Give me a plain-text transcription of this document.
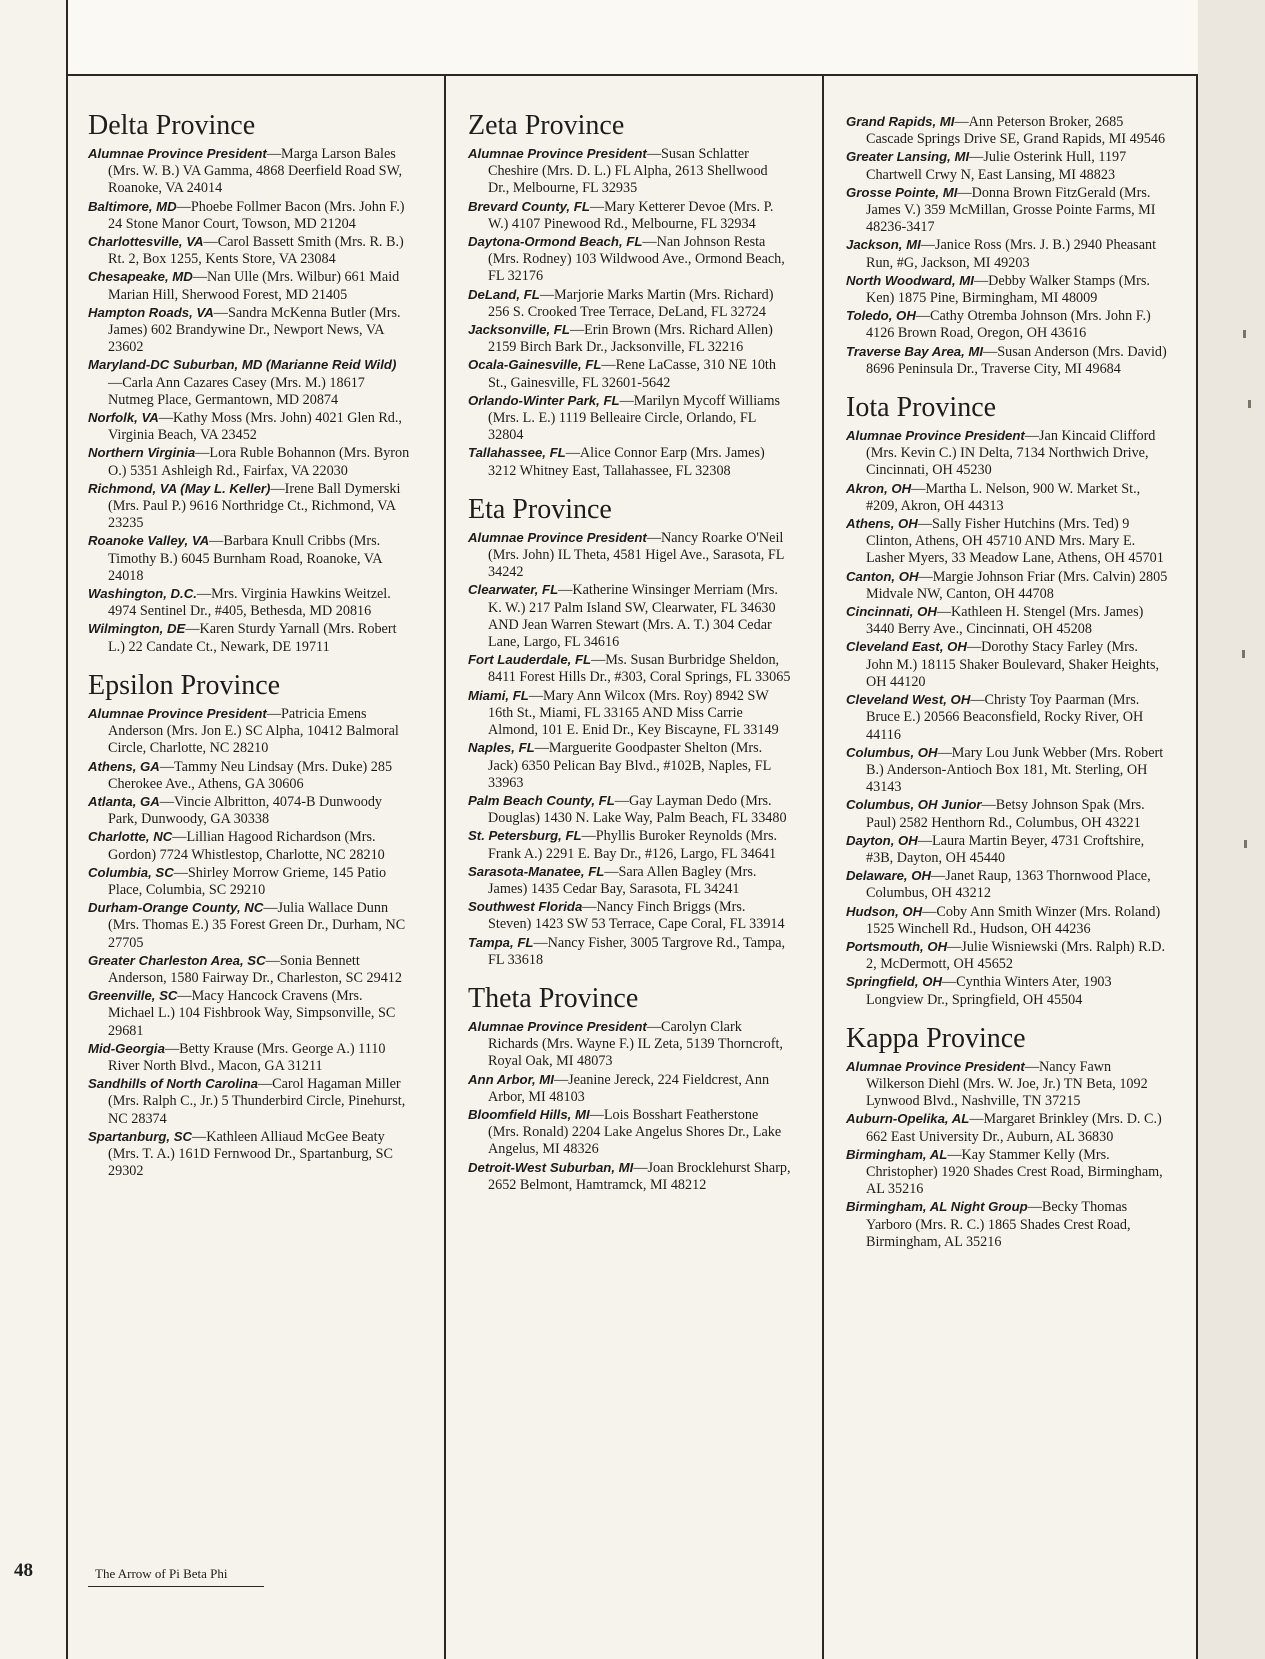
Delta Province

Alumnae Province President—Marga Larson Bales (Mrs. W. B.) VA Gamma, 4868 Deerfield Road SW, Roanoke, VA 24014

Baltimore, MD—Phoebe Follmer Bacon (Mrs. John F.) 24 Stone Manor Court, Towson, MD 21204

Charlottesville, VA—Carol Bassett Smith (Mrs. R. B.) Rt. 2, Box 1255, Kents Store, VA 23084

Chesapeake, MD—Nan Ulle (Mrs. Wilbur) 661 Maid Marian Hill, Sherwood Forest, MD 21405

Hampton Roads, VA—Sandra McKenna Butler (Mrs. James) 602 Brandywine Dr., Newport News, VA 23602

Maryland-DC Suburban, MD (Marianne Reid Wild)—Carla Ann Cazares Casey (Mrs. M.) 18617 Nutmeg Place, Germantown, MD 20874

Norfolk, VA—Kathy Moss (Mrs. John) 4021 Glen Rd., Virginia Beach, VA 23452

Northern Virginia—Lora Ruble Bohannon (Mrs. Byron O.) 5351 Ashleigh Rd., Fairfax, VA 22030

Richmond, VA (May L. Keller)—Irene Ball Dymerski (Mrs. Paul P.) 9616 Northridge Ct., Richmond, VA 23235

Roanoke Valley, VA—Barbara Knull Cribbs (Mrs. Timothy B.) 6045 Burnham Road, Roanoke, VA 24018

Washington, D.C.—Mrs. Virginia Hawkins Weitzel. 4974 Sentinel Dr., #405, Bethesda, MD 20816

Wilmington, DE—Karen Sturdy Yarnall (Mrs. Robert L.) 22 Candate Ct., Newark, DE 19711

Epsilon Province

Alumnae Province President—Patricia Emens Anderson (Mrs. Jon E.) SC Alpha, 10412 Balmoral Circle, Charlotte, NC 28210

Athens, GA—Tammy Neu Lindsay (Mrs. Duke) 285 Cherokee Ave., Athens, GA 30606

Atlanta, GA—Vincie Albritton, 4074-B Dunwoody Park, Dunwoody, GA 30338

Charlotte, NC—Lillian Hagood Richardson (Mrs. Gordon) 7724 Whistlestop, Charlotte, NC 28210

Columbia, SC—Shirley Morrow Grieme, 145 Patio Place, Columbia, SC 29210

Durham-Orange County, NC—Julia Wallace Dunn (Mrs. Thomas E.) 35 Forest Green Dr., Durham, NC 27705

Greater Charleston Area, SC—Sonia Bennett Anderson, 1580 Fairway Dr., Charleston, SC 29412

Greenville, SC—Macy Hancock Cravens (Mrs. Michael L.) 104 Fishbrook Way, Simpsonville, SC 29681

Mid-Georgia—Betty Krause (Mrs. George A.) 1110 River North Blvd., Macon, GA 31211

Sandhills of North Carolina—Carol Hagaman Miller (Mrs. Ralph C., Jr.) 5 Thunderbird Circle, Pinehurst, NC 28374

Spartanburg, SC—Kathleen Alliaud McGee Beaty (Mrs. T. A.) 161D Fernwood Dr., Spartanburg, SC 29302

Zeta Province

Alumnae Province President—Susan Schlatter Cheshire (Mrs. D. L.) FL Alpha, 2613 Shellwood Dr., Melbourne, FL 32935

Brevard County, FL—Mary Ketterer Devoe (Mrs. P. W.) 4107 Pinewood Rd., Melbourne, FL 32934

Daytona-Ormond Beach, FL—Nan Johnson Resta (Mrs. Rodney) 103 Wildwood Ave., Ormond Beach, FL 32176

DeLand, FL—Marjorie Marks Martin (Mrs. Richard) 256 S. Crooked Tree Terrace, DeLand, FL 32724

Jacksonville, FL—Erin Brown (Mrs. Richard Allen) 2159 Birch Bark Dr., Jacksonville, FL 32216

Ocala-Gainesville, FL—Rene LaCasse, 310 NE 10th St., Gainesville, FL 32601-5642

Orlando-Winter Park, FL—Marilyn Mycoff Williams (Mrs. L. E.) 1119 Belleaire Circle, Orlando, FL 32804

Tallahassee, FL—Alice Connor Earp (Mrs. James) 3212 Whitney East, Tallahassee, FL 32308

Eta Province

Alumnae Province President—Nancy Roarke O'Neil (Mrs. John) IL Theta, 4581 Higel Ave., Sarasota, FL 34242

Clearwater, FL—Katherine Winsinger Merriam (Mrs. K. W.) 217 Palm Island SW, Clearwater, FL 34630 AND Jean Warren Stewart (Mrs. A. T.) 304 Cedar Lane, Largo, FL 34616

Fort Lauderdale, FL—Ms. Susan Burbridge Sheldon, 8411 Forest Hills Dr., #303, Coral Springs, FL 33065

Miami, FL—Mary Ann Wilcox (Mrs. Roy) 8942 SW 16th St., Miami, FL 33165 AND Miss Carrie Almond, 101 E. Enid Dr., Key Biscayne, FL 33149

Naples, FL—Marguerite Goodpaster Shelton (Mrs. Jack) 6350 Pelican Bay Blvd., #102B, Naples, FL 33963

Palm Beach County, FL—Gay Layman Dedo (Mrs. Douglas) 1430 N. Lake Way, Palm Beach, FL 33480

St. Petersburg, FL—Phyllis Buroker Reynolds (Mrs. Frank A.) 2291 E. Bay Dr., #126, Largo, FL 34641

Sarasota-Manatee, FL—Sara Allen Bagley (Mrs. James) 1435 Cedar Bay, Sarasota, FL 34241

Southwest Florida—Nancy Finch Briggs (Mrs. Steven) 1423 SW 53 Terrace, Cape Coral, FL 33914

Tampa, FL—Nancy Fisher, 3005 Targrove Rd., Tampa, FL 33618

Theta Province

Alumnae Province President—Carolyn Clark Richards (Mrs. Wayne F.) IL Zeta, 5139 Thorncroft, Royal Oak, MI 48073

Ann Arbor, MI—Jeanine Jereck, 224 Fieldcrest, Ann Arbor, MI 48103

Bloomfield Hills, MI—Lois Bosshart Featherstone (Mrs. Ronald) 2204 Lake Angelus Shores Dr., Lake Angelus, MI 48326

Detroit-West Suburban, MI—Joan Brocklehurst Sharp, 2652 Belmont, Hamtramck, MI 48212

Grand Rapids, MI—Ann Peterson Broker, 2685 Cascade Springs Drive SE, Grand Rapids, MI 49546

Greater Lansing, MI—Julie Osterink Hull, 1197 Chartwell Crwy N, East Lansing, MI 48823

Grosse Pointe, MI—Donna Brown FitzGerald (Mrs. James V.) 359 McMillan, Grosse Pointe Farms, MI 48236-3417

Jackson, MI—Janice Ross (Mrs. J. B.) 2940 Pheasant Run, #G, Jackson, MI 49203

North Woodward, MI—Debby Walker Stamps (Mrs. Ken) 1875 Pine, Birmingham, MI 48009

Toledo, OH—Cathy Otremba Johnson (Mrs. John F.) 4126 Brown Road, Oregon, OH 43616

Traverse Bay Area, MI—Susan Anderson (Mrs. David) 8696 Peninsula Dr., Traverse City, MI 49684

Iota Province

Alumnae Province President—Jan Kincaid Clifford (Mrs. Kevin C.) IN Delta, 7134 Northwich Drive, Cincinnati, OH 45230

Akron, OH—Martha L. Nelson, 900 W. Market St., #209, Akron, OH 44313

Athens, OH—Sally Fisher Hutchins (Mrs. Ted) 9 Clinton, Athens, OH 45710 AND Mrs. Mary E. Lasher Myers, 33 Meadow Lane, Athens, OH 45701

Canton, OH—Margie Johnson Friar (Mrs. Calvin) 2805 Midvale NW, Canton, OH 44708

Cincinnati, OH—Kathleen H. Stengel (Mrs. James) 3440 Berry Ave., Cincinnati, OH 45208

Cleveland East, OH—Dorothy Stacy Farley (Mrs. John M.) 18115 Shaker Boulevard, Shaker Heights, OH 44120

Cleveland West, OH—Christy Toy Paarman (Mrs. Bruce E.) 20566 Beaconsfield, Rocky River, OH 44116

Columbus, OH—Mary Lou Junk Webber (Mrs. Robert B.) Anderson-Antioch Box 181, Mt. Sterling, OH 43143

Columbus, OH Junior—Betsy Johnson Spak (Mrs. Paul) 2582 Henthorn Rd., Columbus, OH 43221

Dayton, OH—Laura Martin Beyer, 4731 Croftshire, #3B, Dayton, OH 45440

Delaware, OH—Janet Raup, 1363 Thornwood Place, Columbus, OH 43212

Hudson, OH—Coby Ann Smith Winzer (Mrs. Roland) 1525 Winchell Rd., Hudson, OH 44236

Portsmouth, OH—Julie Wisniewski (Mrs. Ralph) R.D. 2, McDermott, OH 45652

Springfield, OH—Cynthia Winters Ater, 1903 Longview Dr., Springfield, OH 45504

Kappa Province

Alumnae Province President—Nancy Fawn Wilkerson Diehl (Mrs. W. Joe, Jr.) TN Beta, 1092 Lynwood Blvd., Nashville, TN 37215

Auburn-Opelika, AL—Margaret Brinkley (Mrs. D. C.) 662 East University Dr., Auburn, AL 36830

Birmingham, AL—Kay Stammer Kelly (Mrs. Christopher) 1920 Shades Crest Road, Birmingham, AL 35216

Birmingham, AL Night Group—Becky Thomas Yarboro (Mrs. R. C.) 1865 Shades Crest Road, Birmingham, AL 35216

48	The Arrow of Pi Beta Phi
